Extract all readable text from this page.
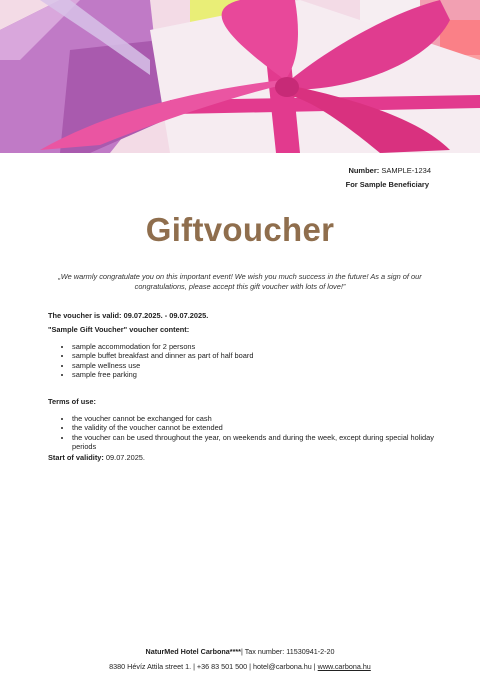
Number: SAMPLE-1234
For Sample Beneficiary
Giftvoucher
„We warmly congratulate you on this important event! We wish you much success in the future! As a sign of our congratulations, please accept this gift voucher with lots of love!”
The voucher is valid: 09.07.2025. - 09.07.2025.
"Sample Gift Voucher" voucher content:
• sample accommodation for 2 persons
• sample buffet breakfast and dinner as part of half board
• sample wellness use
• sample free parking
Terms of use:
• the voucher cannot be exchanged for cash
• the validity of the voucher cannot be extended
• the voucher can be used throughout the year, on weekends and during the week, except during special holiday periods
Start of validity: 09.07.2025.
NaturMed Hotel Carbona****| Tax number: 11530941-2-20
8380 Hévíz Attila street 1. | +36 83 501 500 | hotel@carbona.hu | www.carbona.hu
